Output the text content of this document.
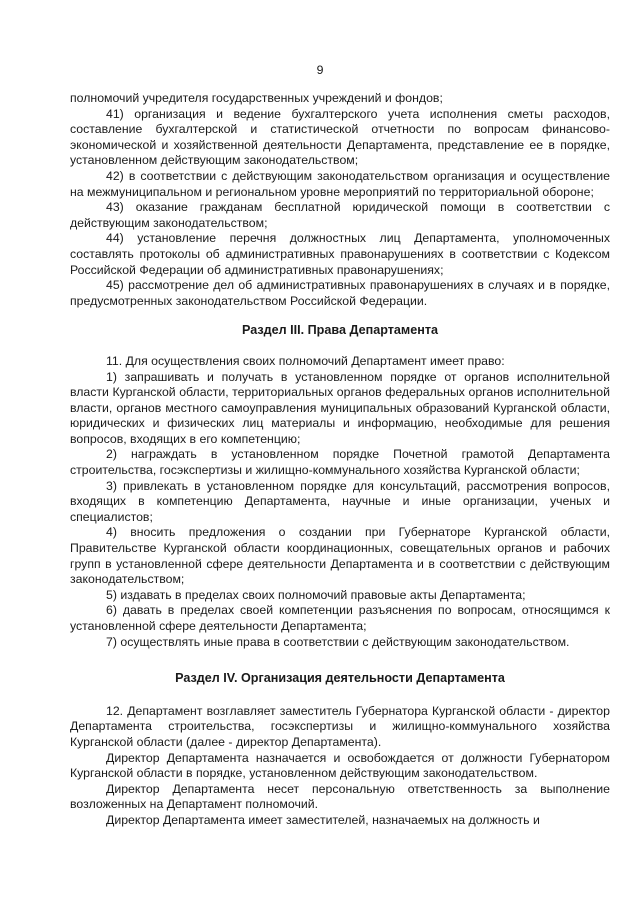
9

полномочий учредителя государственных учреждений и фондов;

41) организация и ведение бухгалтерского учета исполнения сметы расходов, составление бухгалтерской и статистической отчетности по вопросам финансово-экономической и хозяйственной деятельности Департамента, представление ее в порядке, установленном действующим законодательством;

42) в соответствии с действующим законодательством организация и осуществление на межмуниципальном и региональном уровне мероприятий по территориальной обороне;

43) оказание гражданам бесплатной юридической помощи в соответствии с действующим законодательством;

44) установление перечня должностных лиц Департамента, уполномоченных составлять протоколы об административных правонарушениях в соответствии с Кодексом Российской Федерации об административных правонарушениях;

45) рассмотрение дел об административных правонарушениях в случаях и в порядке, предусмотренных законодательством Российской Федерации.

Раздел III. Права Департамента

11. Для осуществления своих полномочий Департамент имеет право:

1) запрашивать и получать в установленном порядке от органов исполнительной власти Курганской области, территориальных органов федеральных органов исполнительной власти, органов местного самоуправления муниципальных образований Курганской области, юридических и физических лиц материалы и информацию, необходимые для решения вопросов, входящих в его компетенцию;

2) награждать в установленном порядке Почетной грамотой Департамента строительства, госэкспертизы и жилищно-коммунального хозяйства Курганской области;

3) привлекать в установленном порядке для консультаций, рассмотрения вопросов, входящих в компетенцию Департамента, научные и иные организации, ученых и специалистов;

4) вносить предложения о создании при Губернаторе Курганской области, Правительстве Курганской области координационных, совещательных органов и рабочих групп в установленной сфере деятельности Департамента и в соответствии с действующим законодательством;

5) издавать в пределах своих полномочий правовые акты Департамента;

6) давать в пределах своей компетенции разъяснения по вопросам, относящимся к установленной сфере деятельности Департамента;

7) осуществлять иные права в соответствии с действующим законодательством.

Раздел IV. Организация деятельности Департамента

12. Департамент возглавляет заместитель Губернатора Курганской области - директор Департамента строительства, госэкспертизы и жилищно-коммунального хозяйства Курганской области (далее - директор Департамента).

Директор Департамента назначается и освобождается от должности Губернатором Курганской области в порядке, установленном действующим законодательством.

Директор Департамента несет персональную ответственность за выполнение возложенных на Департамент полномочий.

Директор Департамента имеет заместителей, назначаемых на должность и
